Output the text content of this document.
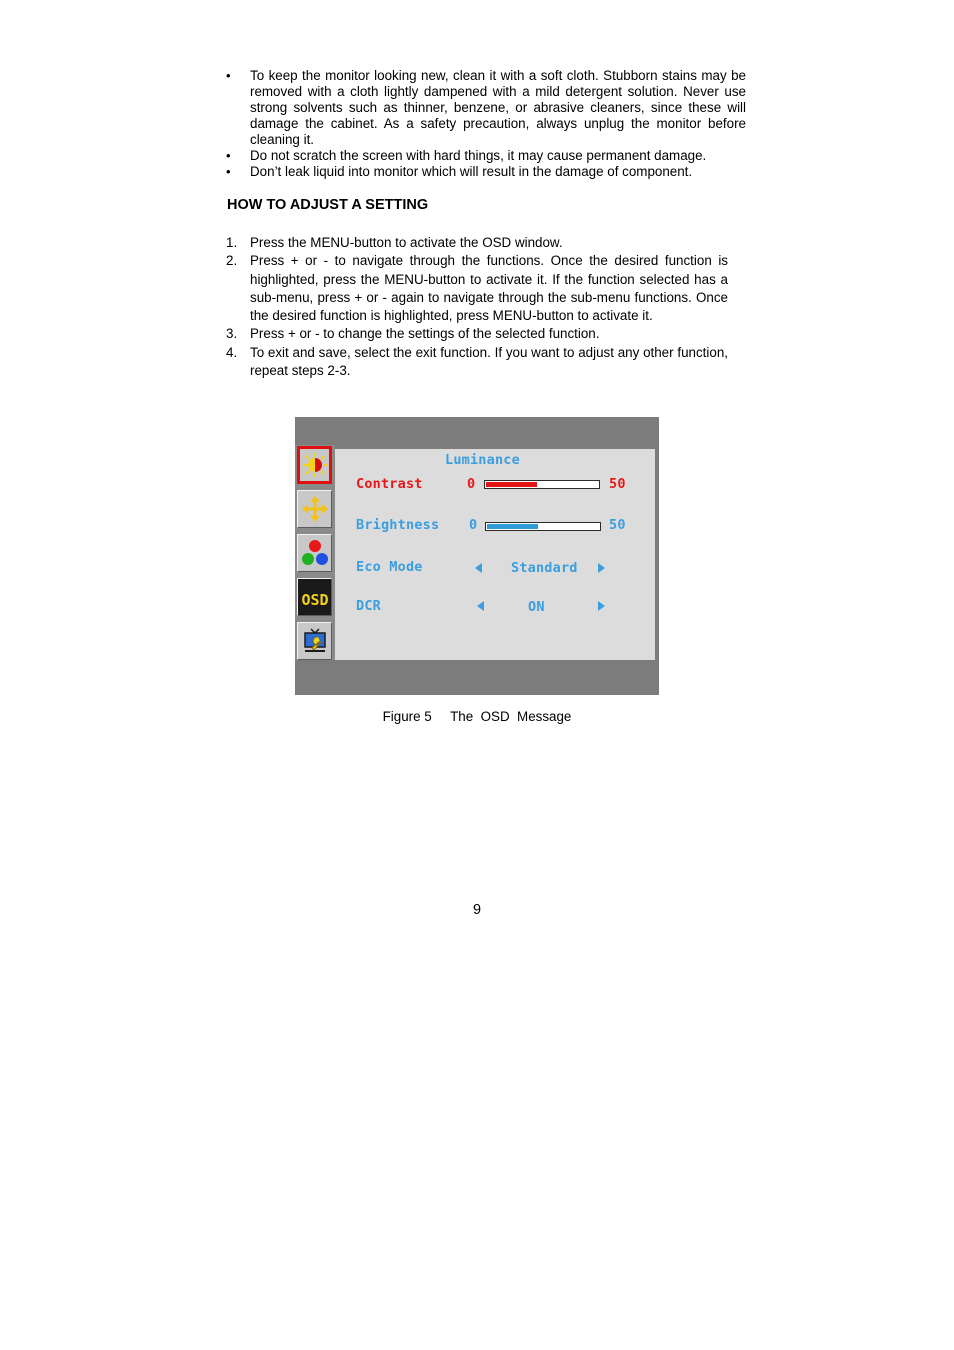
• To keep the monitor looking new, clean it with a soft cloth. Stubborn stains may be removed with a cloth lightly dampened with a mild detergent solution. Never use strong solvents such as thinner, benzene, or abrasive cleaners, since these will damage the cabinet. As a safety precaution, always unplug the monitor before cleaning it.
• Do not scratch the screen with hard things, it may cause permanent damage.
• Don’t leak liquid into monitor which will result in the damage of component.
HOW TO ADJUST A SETTING
1. Press the MENU-button to activate the OSD window.
2. Press + or - to navigate through the functions. Once the desired function is highlighted, press the MENU-button to activate it. If the function selected has a sub-menu, press + or - again to navigate through the sub-menu functions. Once the desired function is highlighted, press MENU-button to activate it.
3. Press + or - to change the settings of the selected function.
4. To exit and save, select the exit function. If you want to adjust any other function, repeat steps 2-3.
OSD
Luminance
Contrast	0	50
Brightness 0	50
Eco Mode	Standard
DCR	ON
Figure 5     The  OSD  Message
9
